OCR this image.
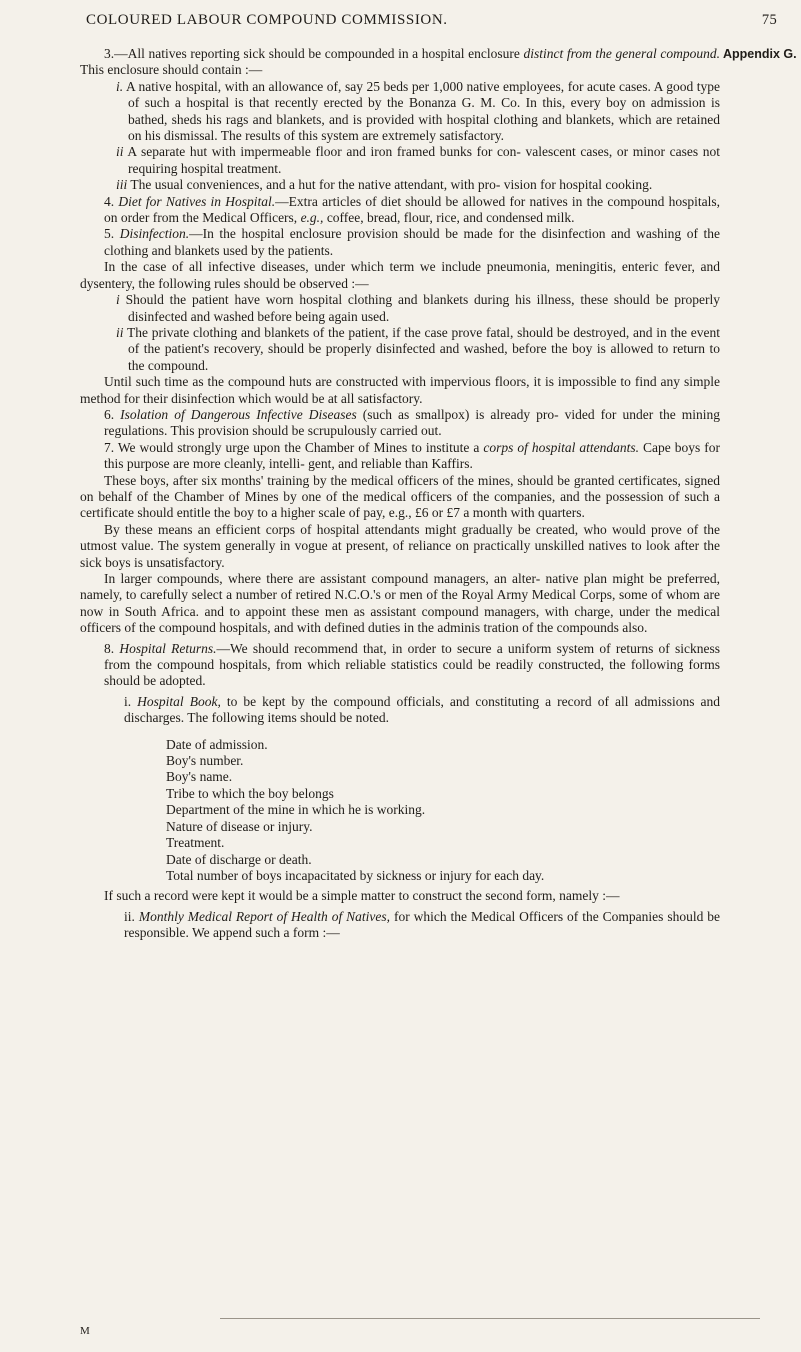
COLOURED LABOUR COMPOUND COMMISSION.	75
Appendix G.

3.—All natives reporting sick should be compounded in a hospital enclosure distinct from the general compound. This enclosure should contain :—

i. A native hospital, with an allowance of, say 25 beds per 1,000 native employees, for acute cases. A good type of such a hospital is that recently erected by the Bonanza G. M. Co. In this, every boy on admission is bathed, sheds his rags and blankets, and is provided with hospital clothing and blankets, which are retained on his dismissal. The results of this system are extremely satisfactory.

ii A separate hut with impermeable floor and iron framed bunks for con- valescent cases, or minor cases not requiring hospital treatment.

iii The usual conveniences, and a hut for the native attendant, with pro- vision for hospital cooking.

4. Diet for Natives in Hospital.—Extra articles of diet should be allowed for natives in the compound hospitals, on order from the Medical Officers, e.g., coffee, bread, flour, rice, and condensed milk.

5. Disinfection.—In the hospital enclosure provision should be made for the disinfection and washing of the clothing and blankets used by the patients.

In the case of all infective diseases, under which term we include pneumonia, meningitis, enteric fever, and dysentery, the following rules should be observed :—

i Should the patient have worn hospital clothing and blankets during his illness, these should be properly disinfected and washed before being again used.

ii The private clothing and blankets of the patient, if the case prove fatal, should be destroyed, and in the event of the patient's recovery, should be properly disinfected and washed, before the boy is allowed to return to the compound.

Until such time as the compound huts are constructed with impervious floors, it is impossible to find any simple method for their disinfection which would be at all satisfactory.

6. Isolation of Dangerous Infective Diseases (such as smallpox) is already pro- vided for under the mining regulations. This provision should be scrupulously carried out.

7. We would strongly urge upon the Chamber of Mines to institute a corps of hospital attendants. Cape boys for this purpose are more cleanly, intelli- gent, and reliable than Kaffirs.

These boys, after six months' training by the medical officers of the mines, should be granted certificates, signed on behalf of the Chamber of Mines by one of the medical officers of the companies, and the possession of such a certificate should entitle the boy to a higher scale of pay, e.g., £6 or £7 a month with quarters.

By these means an efficient corps of hospital attendants might gradually be created, who would prove of the utmost value. The system generally in vogue at present, of reliance on practically unskilled natives to look after the sick boys is unsatisfactory.

In larger compounds, where there are assistant compound managers, an alter- native plan might be preferred, namely, to carefully select a number of retired N.C.O.'s or men of the Royal Army Medical Corps, some of whom are now in South Africa. and to appoint these men as assistant compound managers, with charge, under the medical officers of the compound hospitals, and with defined duties in the adminis tration of the compounds also.

8. Hospital Returns.—We should recommend that, in order to secure a uniform system of returns of sickness from the compound hospitals, from which reliable statistics could be readily constructed, the following forms should be adopted.

i. Hospital Book, to be kept by the compound officials, and constituting a record of all admissions and discharges. The following items should be noted.

Date of admission.

Boy's number.

Boy's name.

Tribe to which the boy belongs

Department of the mine in which he is working.

Nature of disease or injury.

Treatment.

Date of discharge or death.

Total number of boys incapacitated by sickness or injury for each day.

If such a record were kept it would be a simple matter to construct the second form, namely :—

ii. Monthly Medical Report of Health of Natives, for which the Medical Officers of the Companies should be responsible. We append such a form :—

M
